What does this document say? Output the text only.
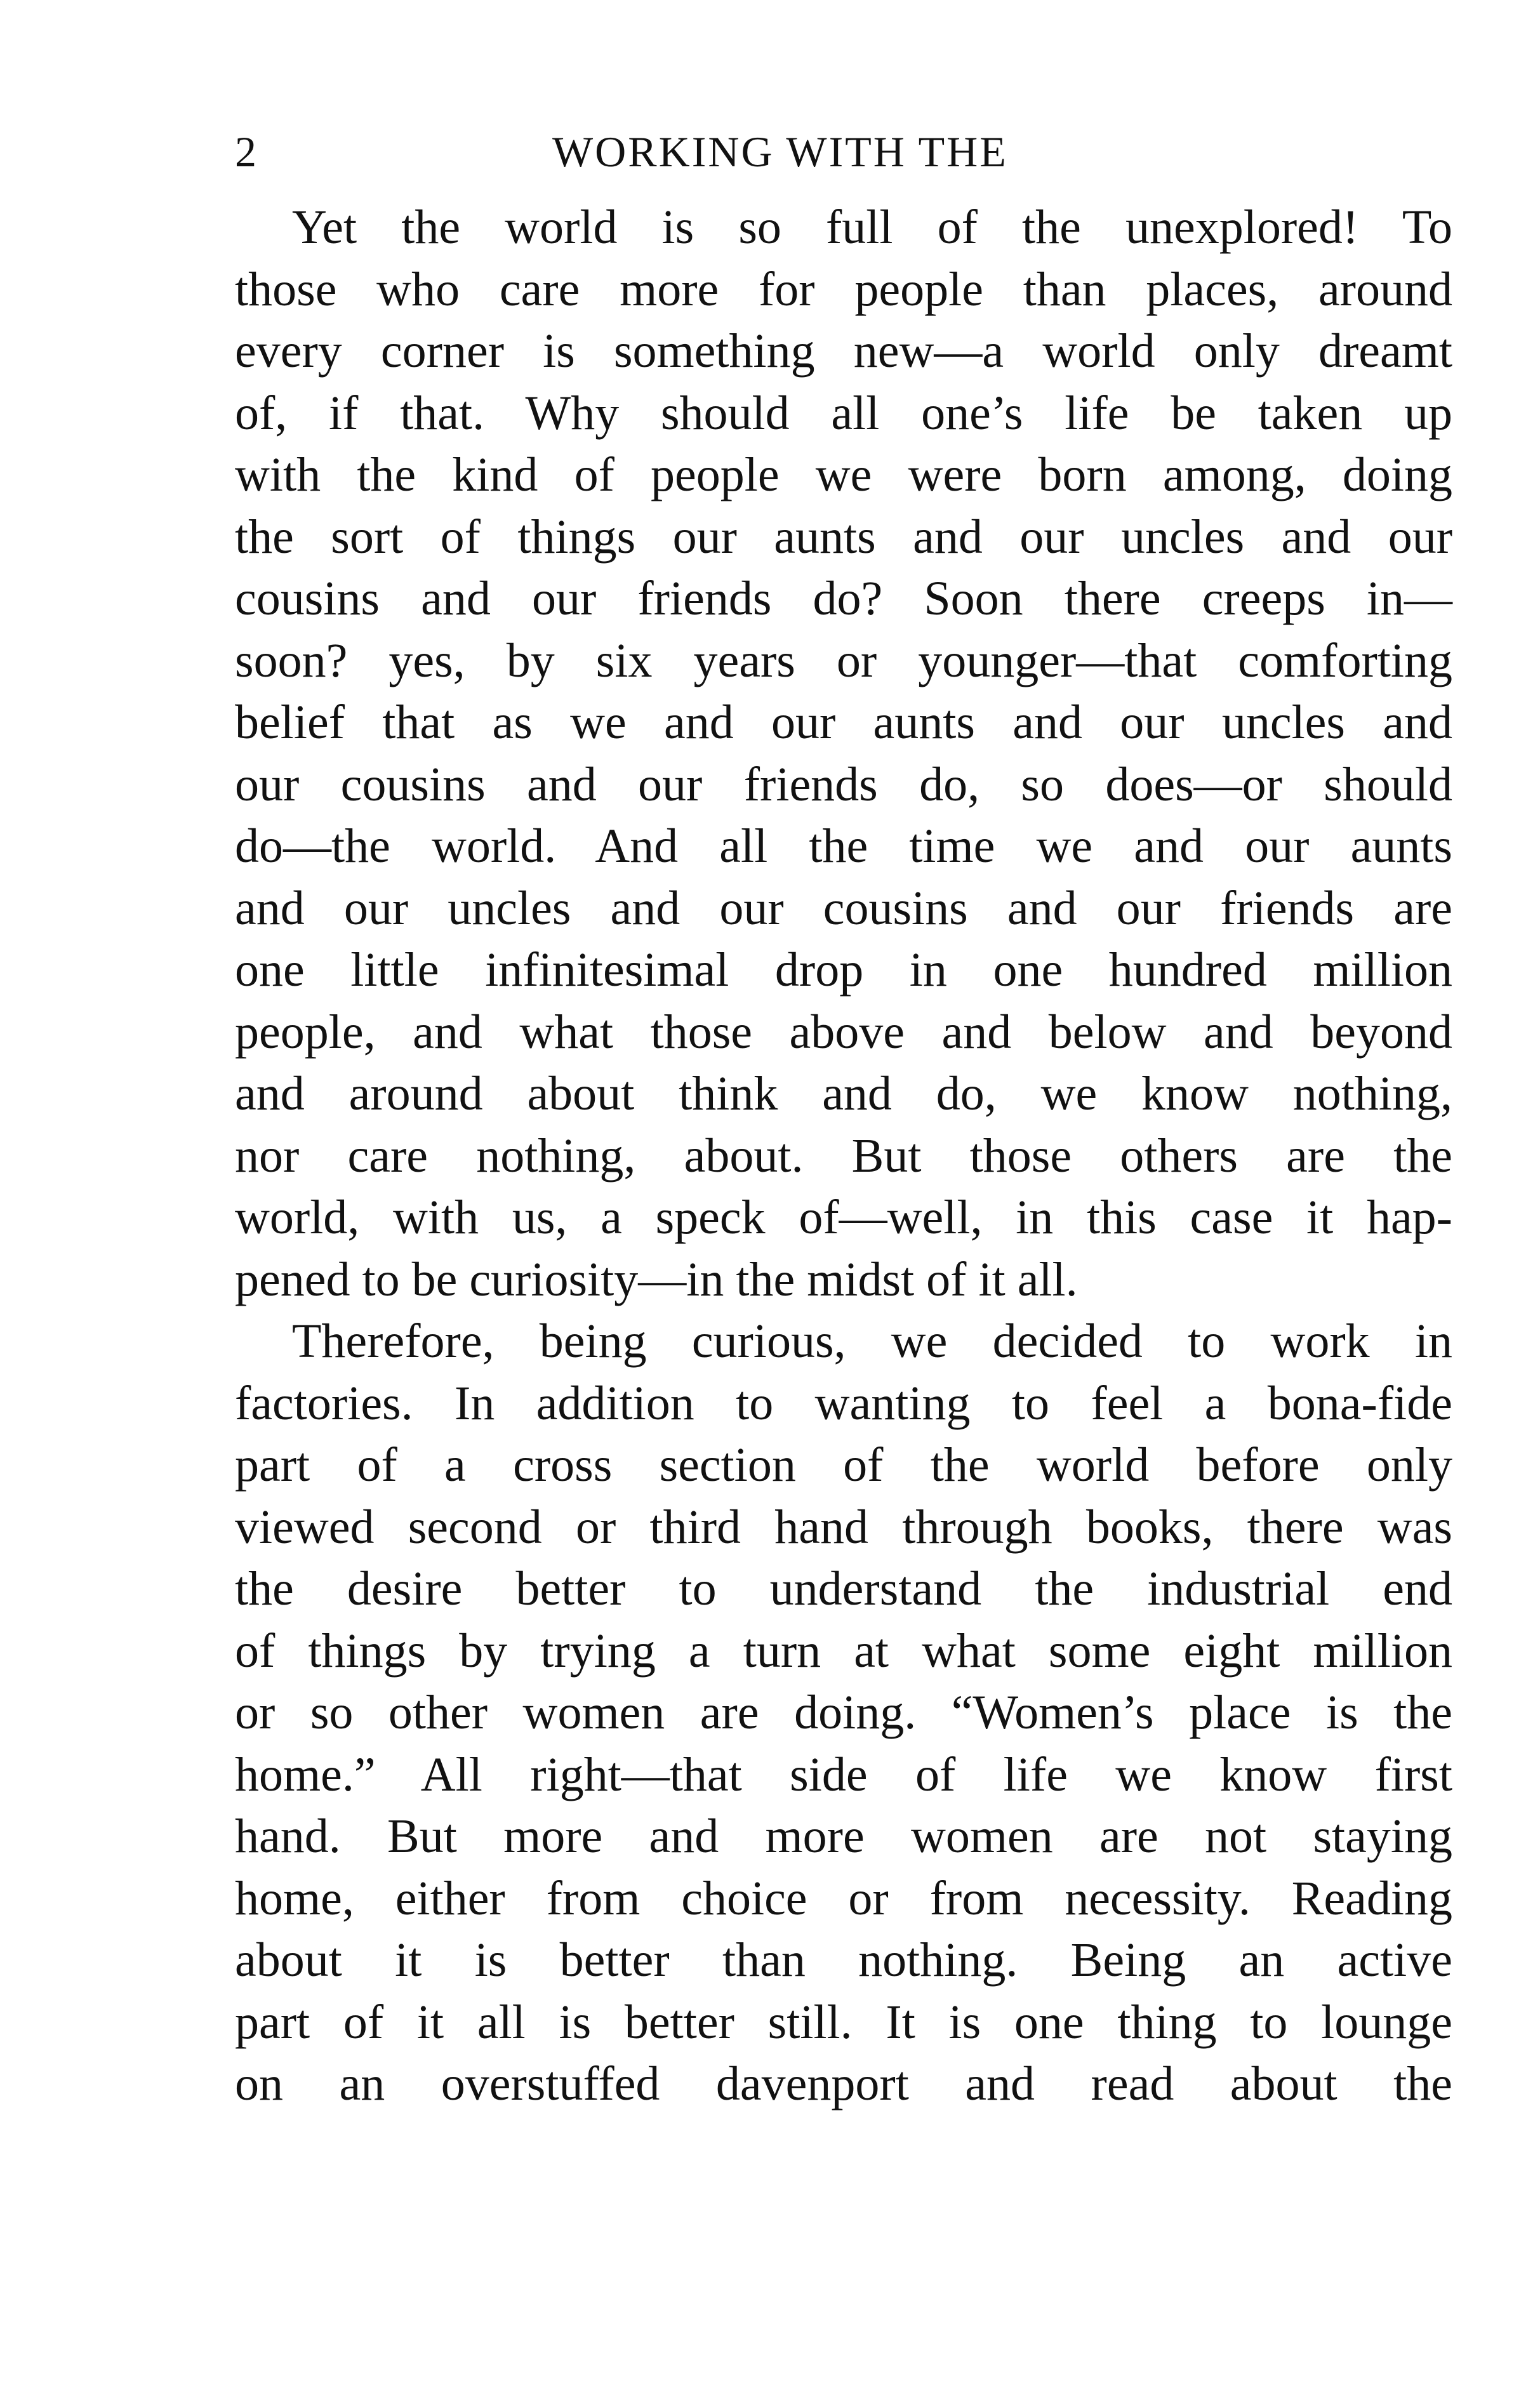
2	WORKING WITH THE
Yet the world is so full of the unexplored! To
those who care more for people than places, around
every corner is something new—a world only dreamt
of, if that. Why should all one’s life be taken up
with the kind of people we were born among, doing
the sort of things our aunts and our uncles and our
cousins and our friends do? Soon there creeps in—
soon? yes, by six years or younger—that comforting
belief that as we and our aunts and our uncles and
our cousins and our friends do, so does—or should
do—the world. And all the time we and our aunts
and our uncles and our cousins and our friends are
one little infinitesimal drop in one hundred million
people, and what those above and below and beyond
and around about think and do, we know nothing,
nor care nothing, about. But those others are the
world, with us, a speck of—well, in this case it hap-
pened to be curiosity—in the midst of it all.
Therefore, being curious, we decided to work in
factories. In addition to wanting to feel a bona-fide
part of a cross section of the world before only
viewed second or third hand through books, there was
the desire better to understand the industrial end
of things by trying a turn at what some eight million
or so other women are doing. “Women’s place is the
home.” All right—that side of life we know first
hand. But more and more women are not staying
home, either from choice or from necessity. Reading
about it is better than nothing. Being an active
part of it all is better still. It is one thing to lounge
on an overstuffed davenport and read about the
